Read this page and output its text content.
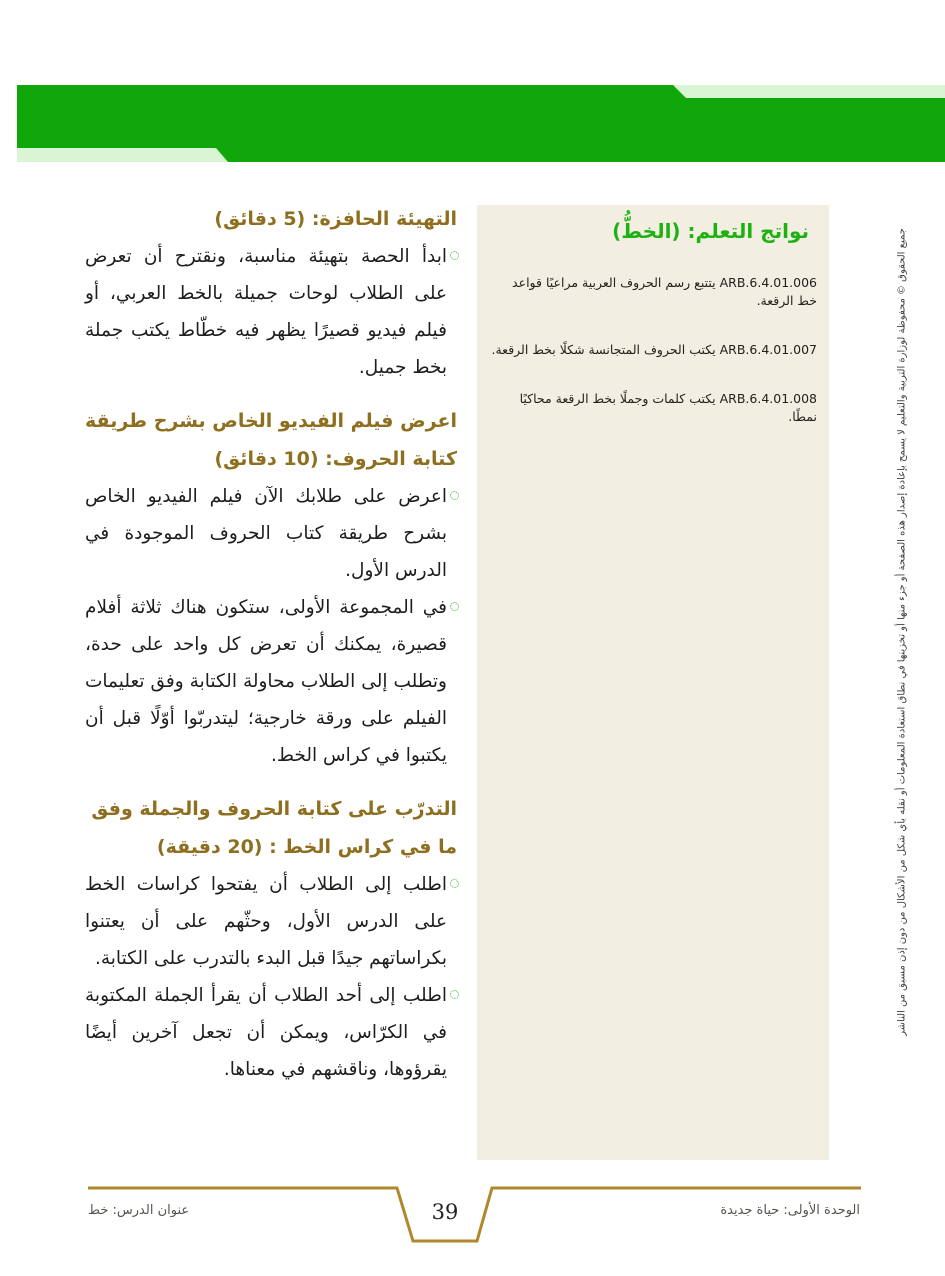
التهيئة الحافزة: (5 دقائق)

ابدأ الحصة بتهيئة مناسبة، ونقترح أن تعرض على الطلاب لوحات جميلة بالخط العربي، أو فيلم فيديو قصيرًا يظهر فيه خطّاط يكتب جملة بخط جميل.

اعرض فيلم الفيديو الخاص بشرح طريقة كتابة الحروف: (10 دقائق)

اعرض على طلابك الآن فيلم الفيديو الخاص بشرح طريقة كتاب الحروف الموجودة في الدرس الأول.

في المجموعة الأولى، ستكون هناك ثلاثة أفلام قصيرة، يمكنك أن تعرض كل واحد على حدة، وتطلب إلى الطلاب محاولة الكتابة وفق تعليمات الفيلم على ورقة خارجية؛ ليتدربّوا أوّلًا قبل أن يكتبوا في كراس الخط.

التدرّب على كتابة الحروف والجملة وفق ما في كراس الخط : (20 دقيقة)

اطلب إلى الطلاب أن يفتحوا كراسات الخط على الدرس الأول، وحثّهم على أن يعتنوا بكراساتهم جيدًا قبل البدء بالتدرب على الكتابة.

اطلب إلى أحد الطلاب أن يقرأ الجملة المكتوبة في الكرّاس، ويمكن أن تجعل آخرين أيضًا يقرؤوها، وناقشهم في معناها.

نواتج التعلم: (الخطُّ)

ARB.6.4.01.006 يتتبع رسم الحروف العربية مراعيًا قواعد خط الرقعة.

ARB.6.4.01.007 يكتب الحروف المتجانسة شكلًا بخط الرقعة.

ARB.6.4.01.008 يكتب كلمات وجملًا بخط الرقعة محاكيًا نمطًا.	جميع الحقوق © محفوظة لوزارة التربية والتعليم لا يسمح بإعادة إصدار هذه الصفحة أو جزء منها أو تخزينها في نطاق استعادة المعلومات أو نقله بأي شكل من الأشكال من دون إذن مسبق من الناشر
39
عنوان الدرس: خط	الوحدة الأولى: حياة جديدة
